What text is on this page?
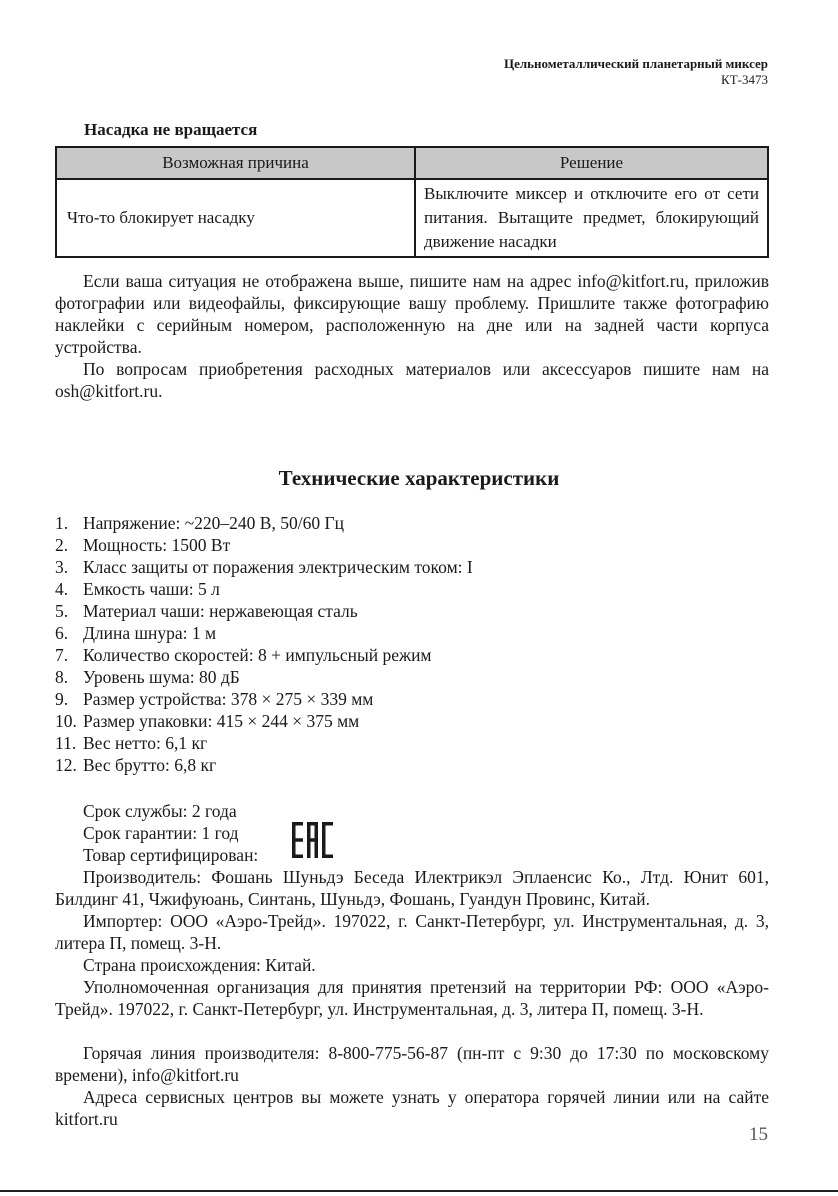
Цельнометаллический планетарный миксер
КТ-3473
Насадка не вращается
Возможная причина	Решение
Что-то блокирует насадку	Выключите миксер и отключите его от сети питания. Вытащите предмет, блокирующий движение насадки

Если ваша ситуация не отображена выше, пишите нам на адрес info@kitfort.ru, приложив фотографии или видеофайлы, фиксирующие вашу проблему. Пришлите также фотографию наклейки с серийным номером, расположенную на дне или на задней части корпуса устройства.

По вопросам приобретения расходных материалов или аксессуаров пишите нам на osh@kitfort.ru.

Технические характеристики
1. Напряжение: ~220–240 В, 50/60 Гц
2. Мощность: 1500 Вт
3. Класс защиты от поражения электрическим током: I
4. Емкость чаши: 5 л
5. Материал чаши: нержавеющая сталь
6. Длина шнура: 1 м
7. Количество скоростей: 8 + импульсный режим
8. Уровень шума: 80 дБ
9. Размер устройства: 378 × 275 × 339 мм
10. Размер упаковки: 415 × 244 × 375 мм
11. Вес нетто: 6,1 кг
12. Вес брутто: 6,8 кг

Срок службы: 2 года

Срок гарантии: 1 год

Товар сертифицирован:

Производитель: Фошань Шуньдэ Беседа Илектрикэл Эплаенсис Ко., Лтд. Юнит 601, Билдинг 41, Чжифуюань, Синтань, Шуньдэ, Фошань, Гуандун Провинс, Китай.

Импортер: ООО «Аэро-Трейд». 197022, г. Санкт-Петербург, ул. Инструментальная, д. 3, литера П, помещ. 3-Н.

Страна происхождения: Китай.

Уполномоченная организация для принятия претензий на территории РФ: ООО «Аэро-Трейд». 197022, г. Санкт-Петербург, ул. Инструментальная, д. 3, литера П, помещ. 3-Н.

Горячая линия производителя: 8-800-775-56-87 (пн-пт с 9:30 до 17:30 по московскому времени), info@kitfort.ru

Адреса сервисных центров вы можете узнать у оператора горячей линии или на сайте kitfort.ru

15
